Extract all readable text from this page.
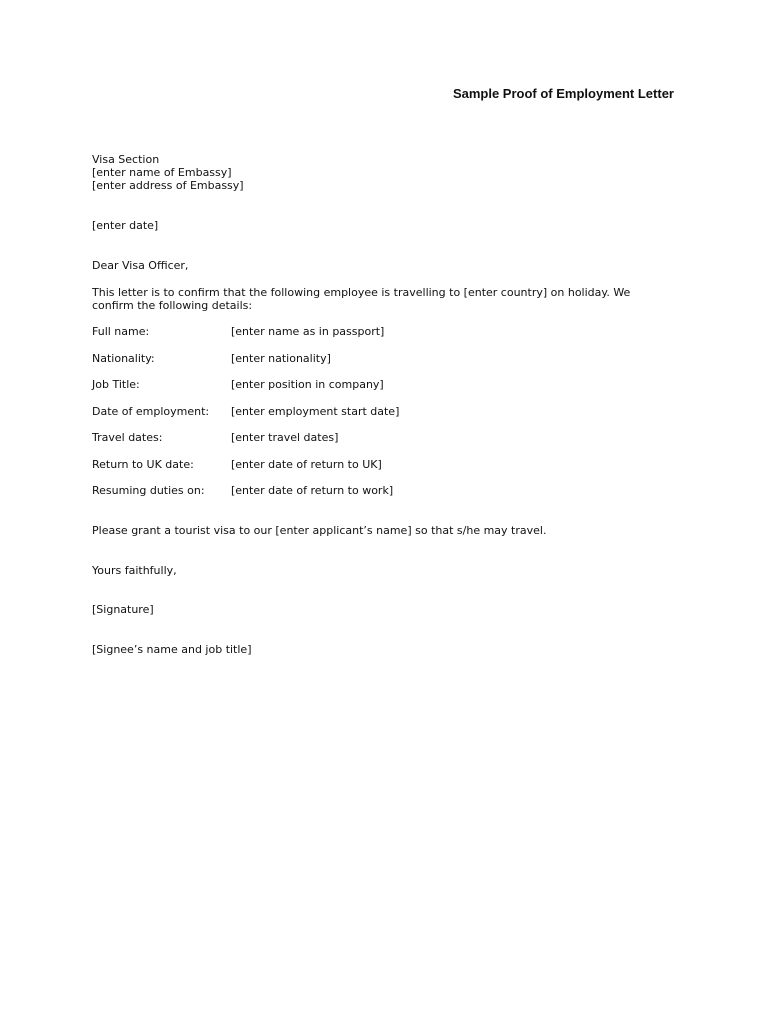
Sample Proof of Employment Letter
Visa Section
[enter name of Embassy]
[enter address of Embassy]
[enter date]
Dear Visa Officer,

This letter is to confirm that the following employee is travelling to [enter country] on holiday. We confirm the following details:

Full name:	[enter name as in passport]
Nationality:	[enter nationality]
Job Title:	[enter position in company]
Date of employment:	[enter employment start date]
Travel dates:	[enter travel dates]
Return to UK date:	[enter date of return to UK]
Resuming duties on:	[enter date of return to work]
Please grant a tourist visa to our [enter applicant’s name] so that s/he may travel.
Yours faithfully,
[Signature]
[Signee’s name and job title]
